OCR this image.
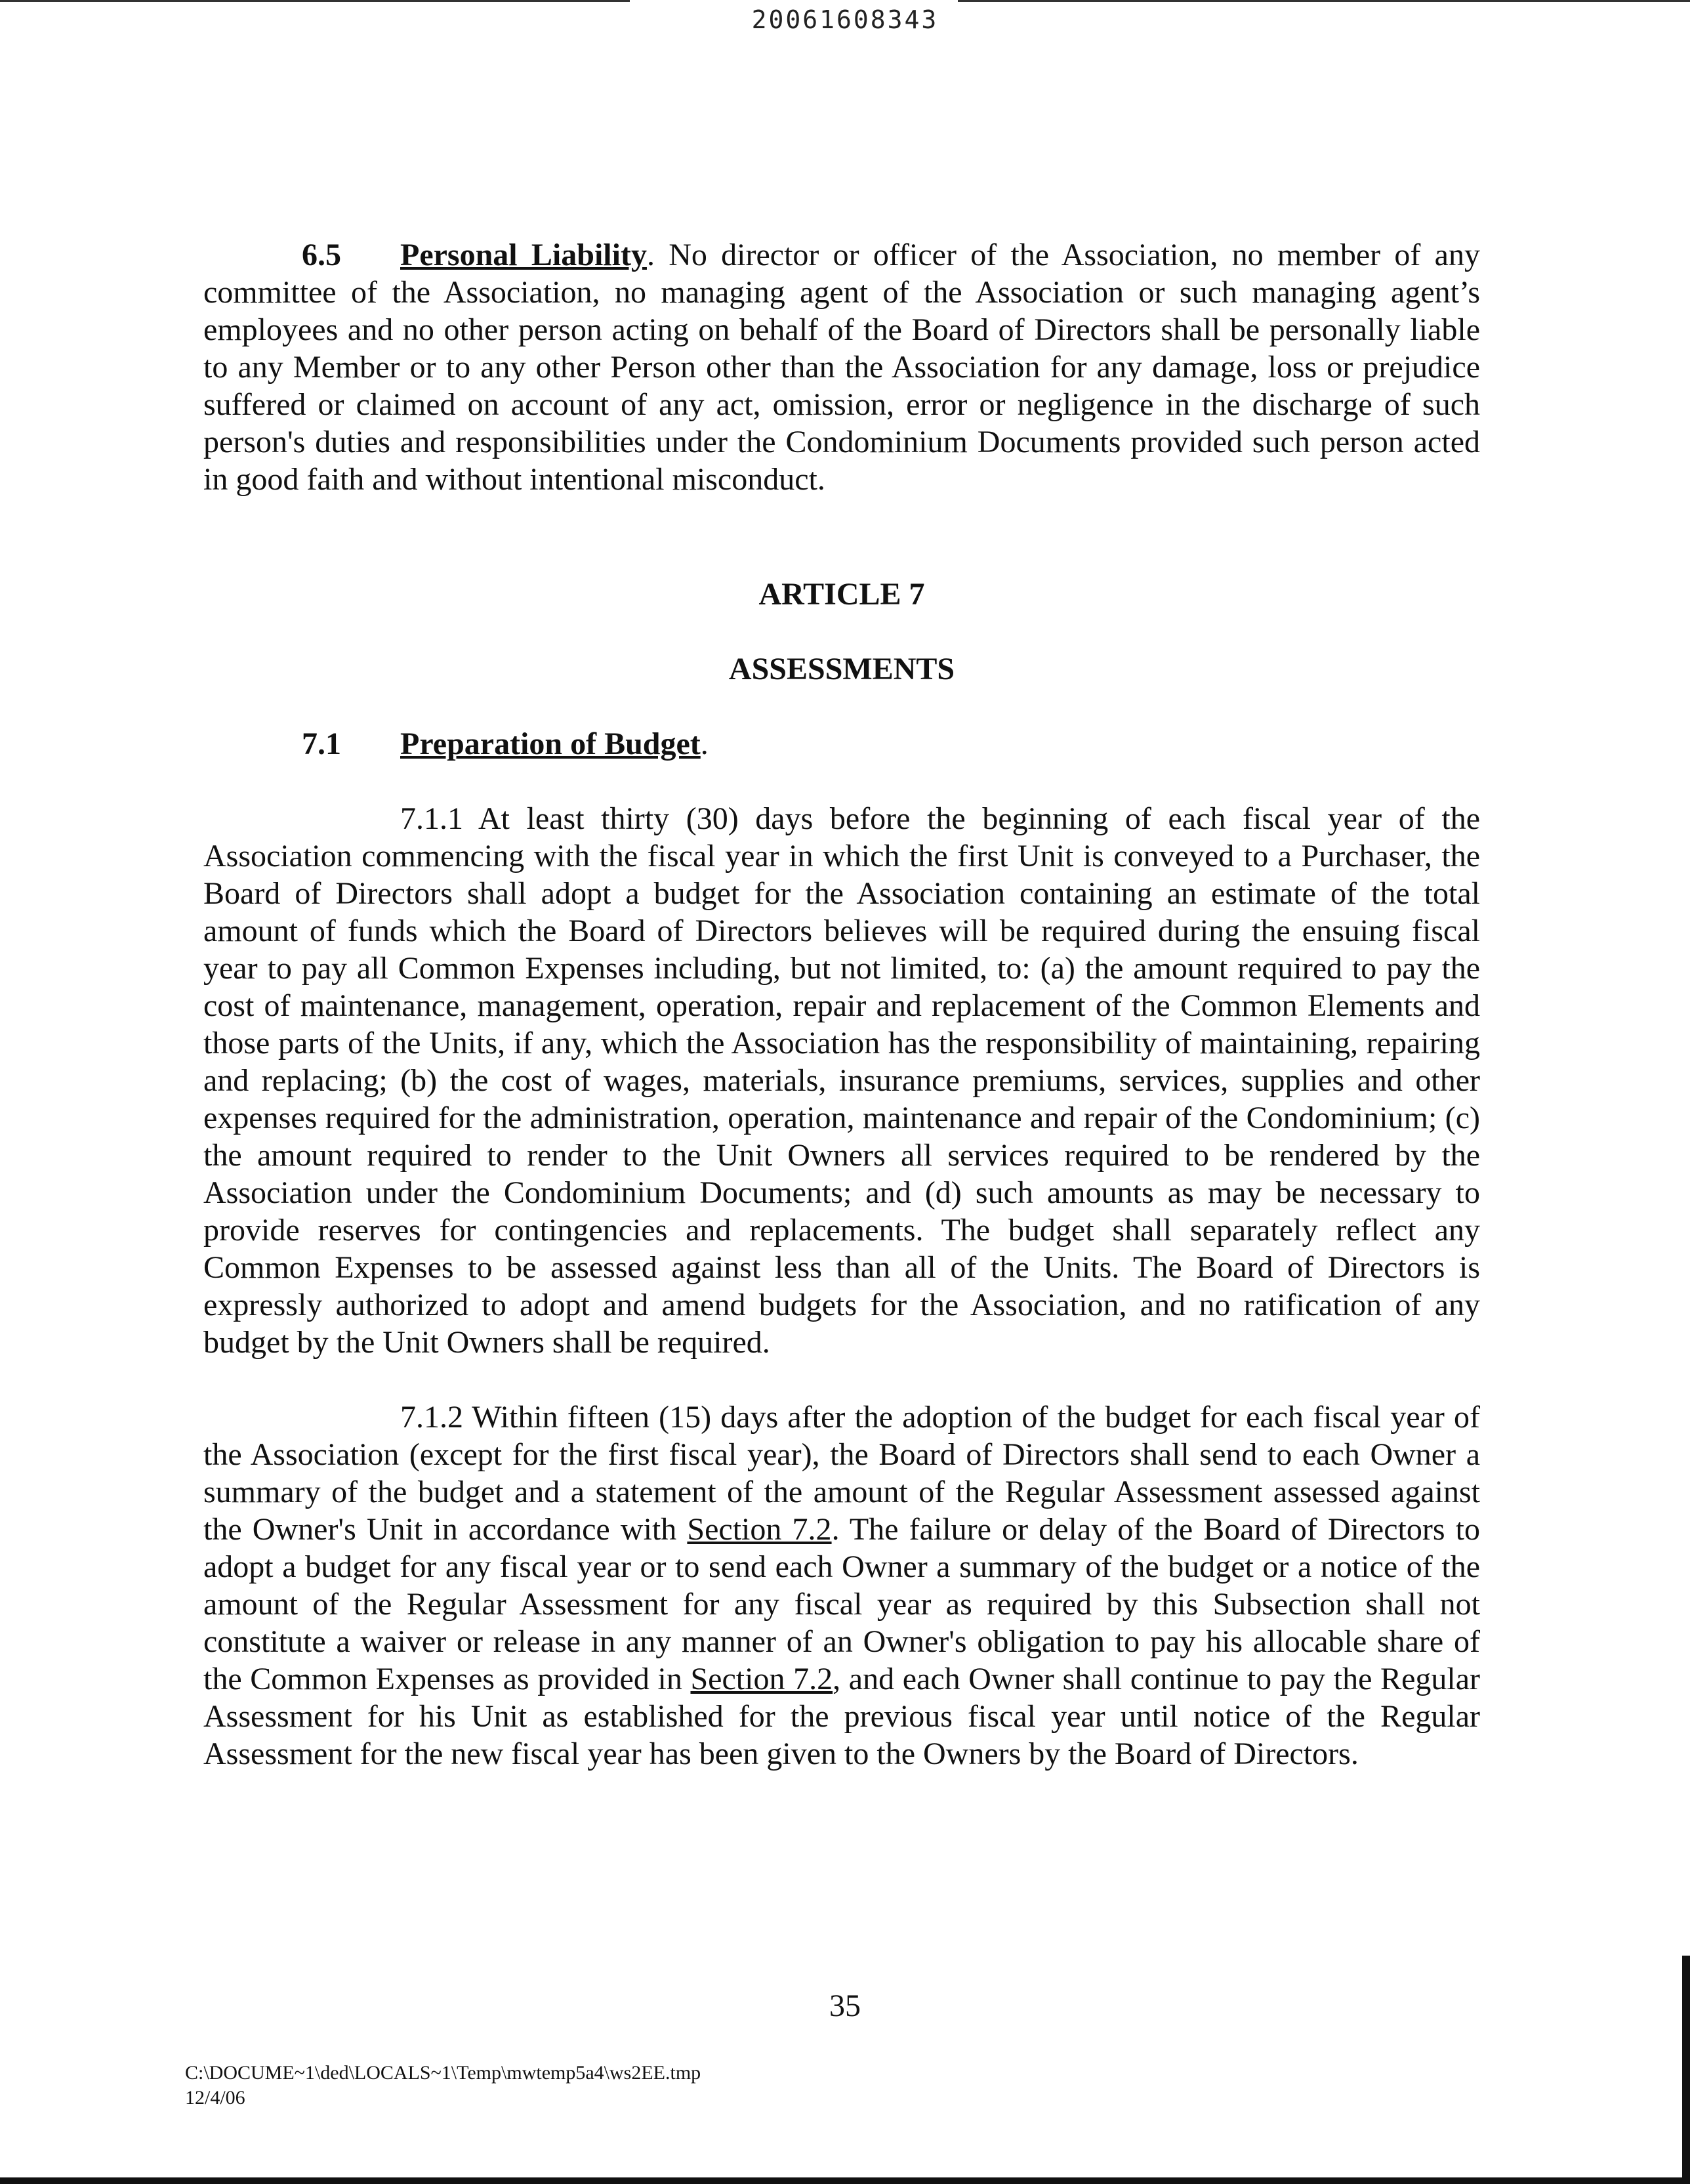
20061608343

6.5 Personal Liability. No director or officer of the Association, no member of any committee of the Association, no managing agent of the Association or such managing agent’s employees and no other person acting on behalf of the Board of Directors shall be personally liable to any Member or to any other Person other than the Association for any damage, loss or prejudice suffered or claimed on account of any act, omission, error or negligence in the discharge of such person's duties and responsibilities under the Condominium Documents provided such person acted in good faith and without intentional misconduct.

ARTICLE 7

ASSESSMENTS

7.1 Preparation of Budget.

7.1.1 At least thirty (30) days before the beginning of each fiscal year of the Association commencing with the fiscal year in which the first Unit is conveyed to a Purchaser, the Board of Directors shall adopt a budget for the Association containing an estimate of the total amount of funds which the Board of Directors believes will be required during the ensuing fiscal year to pay all Common Expenses including, but not limited, to: (a) the amount required to pay the cost of maintenance, management, operation, repair and replacement of the Common Elements and those parts of the Units, if any, which the Association has the responsibility of maintaining, repairing and replacing; (b) the cost of wages, materials, insurance premiums, services, supplies and other expenses required for the administration, operation, maintenance and repair of the Condominium; (c) the amount required to render to the Unit Owners all services required to be rendered by the Association under the Condominium Documents; and (d) such amounts as may be necessary to provide reserves for contingencies and replacements. The budget shall separately reflect any Common Expenses to be assessed against less than all of the Units. The Board of Directors is expressly authorized to adopt and amend budgets for the Association, and no ratification of any budget by the Unit Owners shall be required.

7.1.2 Within fifteen (15) days after the adoption of the budget for each fiscal year of the Association (except for the first fiscal year), the Board of Directors shall send to each Owner a summary of the budget and a statement of the amount of the Regular Assessment assessed against the Owner's Unit in accordance with Section 7.2. The failure or delay of the Board of Directors to adopt a budget for any fiscal year or to send each Owner a summary of the budget or a notice of the amount of the Regular Assessment for any fiscal year as required by this Subsection shall not constitute a waiver or release in any manner of an Owner's obligation to pay his allocable share of the Common Expenses as provided in Section 7.2, and each Owner shall continue to pay the Regular Assessment for his Unit as established for the previous fiscal year until notice of the Regular Assessment for the new fiscal year has been given to the Owners by the Board of Directors.

35
C:\DOCUME~1\ded\LOCALS~1\Temp\mwtemp5a4\ws2EE.tmp
12/4/06
